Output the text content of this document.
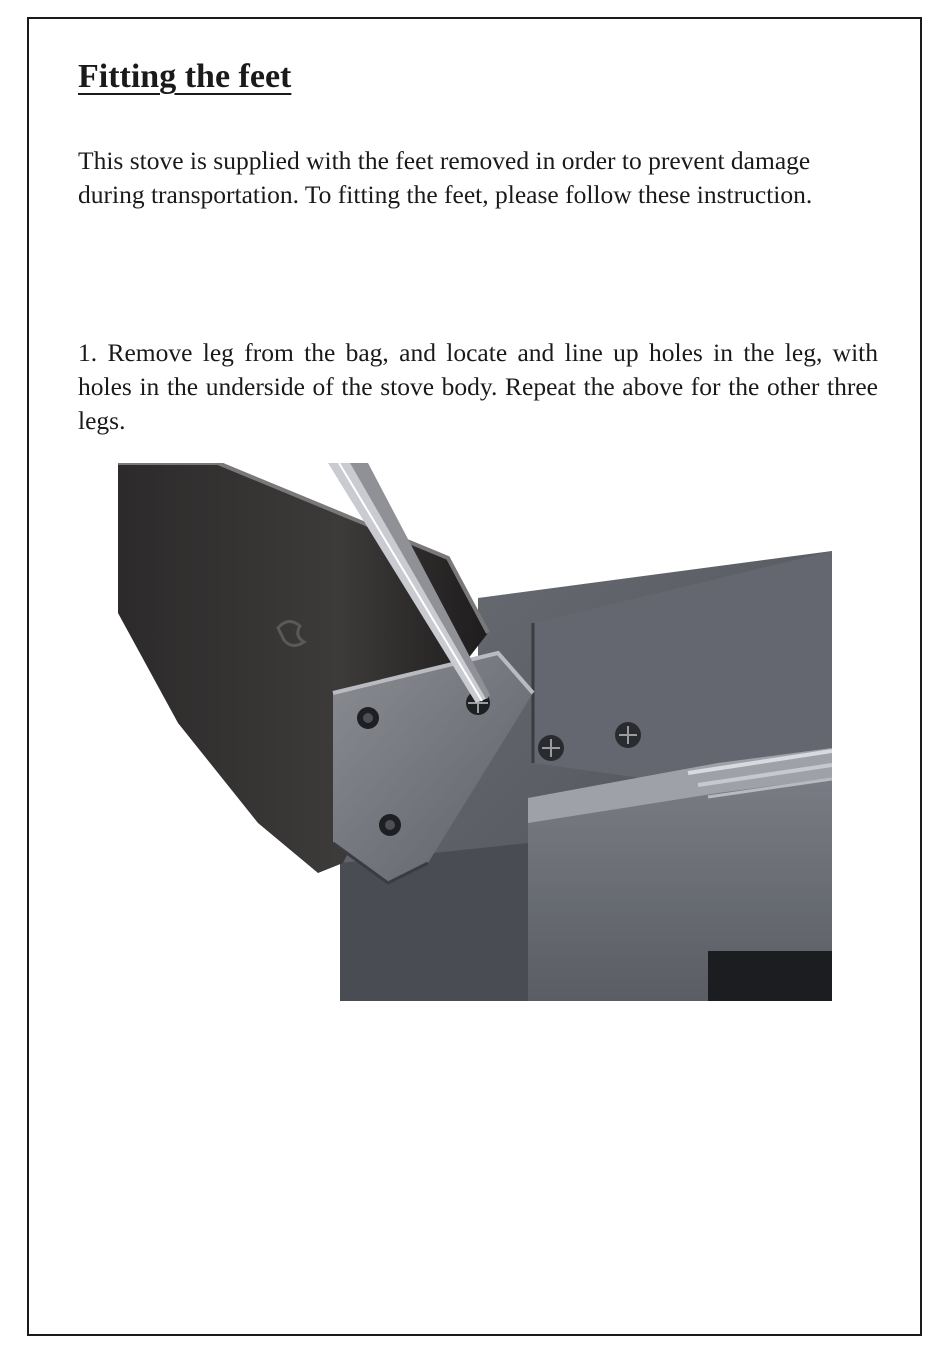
Fitting the feet

This stove is supplied with the feet removed in order to prevent damage during transportation. To fitting the feet, please follow these instruction.

1. Remove leg from the bag, and locate and line up holes in the leg, with holes in the underside of the stove body. Repeat the above for the other three legs.
